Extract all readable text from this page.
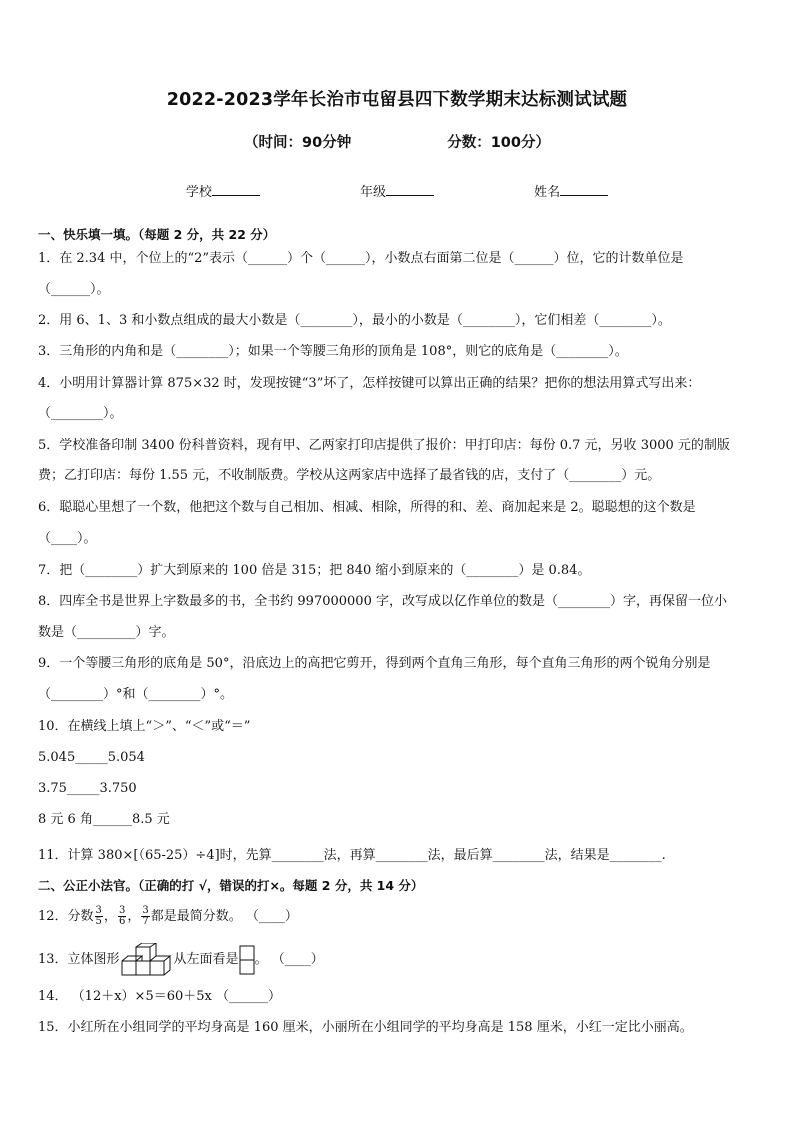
2022-2023学年长治市屯留县四下数学期末达标测试试题
（时间：90分钟	分数：100分）
学校	年级	姓名
一、快乐填一填。（每题 2 分，共 22 分）
1．在 2.34 中，个位上的“2”表示（______）个（______），小数点右面第二位是（______）位，它的计数单位是
（______）。
2．用 6、1、3 和小数点组成的最大小数是（________），最小的小数是（________），它们相差（________）。
3．三角形的内角和是（________）；如果一个等腰三角形的顶角是 108°，则它的底角是（________）。
4．小明用计算器计算 875×32 时，发现按键“3”坏了，怎样按键可以算出正确的结果？把你的想法用算式写出来：
（________）。
5．学校准备印制 3400 份科普资料，现有甲、乙两家打印店提供了报价：甲打印店：每份 0.7 元，另收 3000 元的制版
费；乙打印店：每份 1.55 元，不收制版费。学校从这两家店中选择了最省钱的店，支付了（________）元。
6．聪聪心里想了一个数，他把这个数与自己相加、相减、相除，所得的和、差、商加起来是 2。聪聪想的这个数是
（____）。
7．把（________）扩大到原来的 100 倍是 315；把 840 缩小到原来的（________）是 0.84。
8．四库全书是世界上字数最多的书，全书约 997000000 字，改写成以亿作单位的数是（________）字，再保留一位小
数是（_________）字。
9．一个等腰三角形的底角是 50°，沿底边上的高把它剪开，得到两个直角三角形，每个直角三角形的两个锐角分别是
（________）°和（________）°。
10．在横线上填上“＞”、“＜”或“＝”
5.045_____5.054
3.75_____3.750
8 元 6 角______8.5 元
11．计算 380×[（65-25）÷4]时，先算________法，再算________法，最后算________法，结果是________.
二、公正小法官。（正确的打 √，错误的打×。每题 2 分，共 14 分）
12．分数 $\frac{3}{5}$ ， $\frac{3}{6}$ ， $\frac{3}{7}$ 都是最简分数。 （____）
13．立体图形	从左面看是 。 （____）
14． （12＋x）×5＝60＋5x （______）
15．小红所在小组同学的平均身高是 160 厘米，小丽所在小组同学的平均身高是 158 厘米，小红一定比小丽高。
